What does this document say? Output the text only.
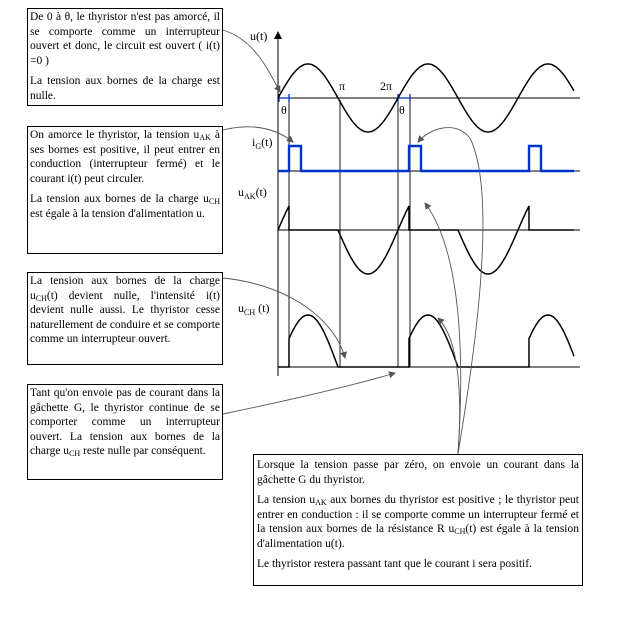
De 0 à θ, le thyristor n'est pas amorcé, il se comporte comme un interrupteur ouvert et donc, le circuit est ouvert ( i(t) =0 )

La tension aux bornes de la charge est nulle.

On amorce le thyristor, la tension $u_{AK}$ à ses bornes est positive, il peut entrer en conduction (interrupteur fermé) et le courant i(t) peut circuler.

La tension aux bornes de la charge $u_{CH}$ est égale à la tension d'alimentation u.

La tension aux bornes de la charge $u_{CH}(t)$ devient nulle, l'intensité i(t) devient nulle aussi. Le thyristor cesse naturellement de conduire et se comporte comme un interrupteur ouvert.

Tant qu'on envoie pas de courant dans la gâchette G, le thyristor continue de se comporter comme un interrupteur ouvert. La tension aux bornes de la charge $u_{CH}$ reste nulle par conséquent.

Lorsque la tension passe par zéro, on envoie un courant dans la gâchette G du thyristor.

La tension $u_{AK}$ aux bornes du thyristor est positive ; le thyristor peut entrer en conduction : il se comporte comme un interrupteur fermé et la tension aux bornes de la résistance R $u_{CH}(t)$ est égale à la tension d'alimentation u(t).

Le thyristor restera passant tant que le courant i sera positif.

u(t)
$i_G(t)$
$u_{AK}(t)$
$u_{CH}$ (t)
θ	θ
π	2π
